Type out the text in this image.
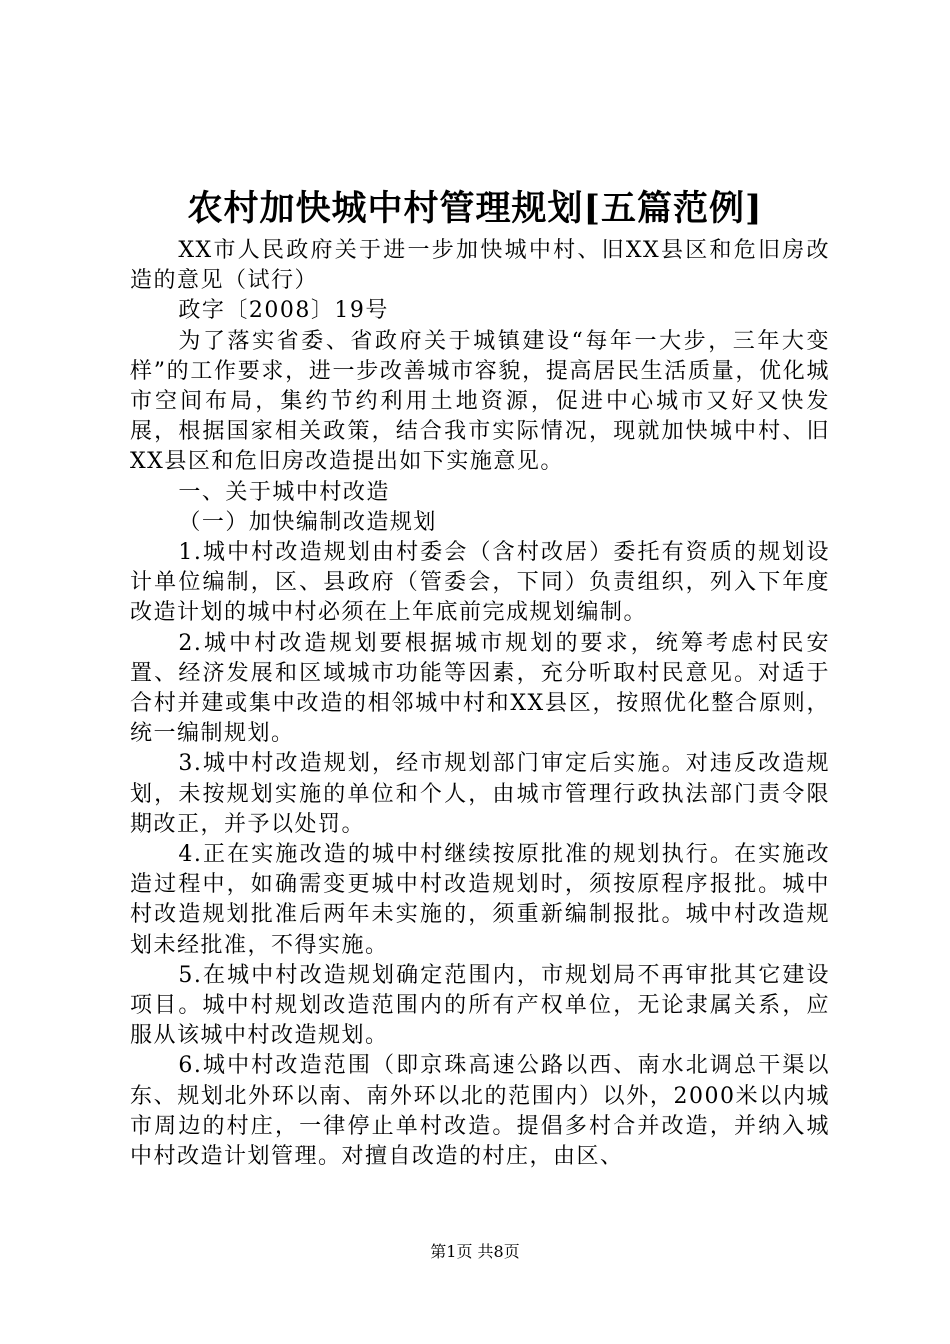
农村加快城中村管理规划[五篇范例]

XX市人民政府关于进一步加快城中村、旧XX县区和危旧房改造的意见（试行）

政字〔2008〕19号

为了落实省委、省政府关于城镇建设“每年一大步，三年大变样”的工作要求，进一步改善城市容貌，提高居民生活质量，优化城市空间布局，集约节约利用土地资源，促进中心城市又好又快发展，根据国家相关政策，结合我市实际情况，现就加快城中村、旧XX县区和危旧房改造提出如下实施意见。

一、关于城中村改造

（一）加快编制改造规划

1.城中村改造规划由村委会（含村改居）委托有资质的规划设计单位编制，区、县政府（管委会，下同）负责组织，列入下年度改造计划的城中村必须在上年底前完成规划编制。

2.城中村改造规划要根据城市规划的要求，统筹考虑村民安置、经济发展和区域城市功能等因素，充分听取村民意见。对适于合村并建或集中改造的相邻城中村和XX县区，按照优化整合原则，统一编制规划。

3.城中村改造规划，经市规划部门审定后实施。对违反改造规划，未按规划实施的单位和个人，由城市管理行政执法部门责令限期改正，并予以处罚。

4.正在实施改造的城中村继续按原批准的规划执行。在实施改造过程中，如确需变更城中村改造规划时，须按原程序报批。城中村改造规划批准后两年未实施的，须重新编制报批。城中村改造规划未经批准，不得实施。

5.在城中村改造规划确定范围内，市规划局不再审批其它建设项目。城中村规划改造范围内的所有产权单位，无论隶属关系，应服从该城中村改造规划。

6.城中村改造范围（即京珠高速公路以西、南水北调总干渠以东、规划北外环以南、南外环以北的范围内）以外，2000米以内城市周边的村庄，一律停止单村改造。提倡多村合并改造，并纳入城中村改造计划管理。对擅自改造的村庄，由区、

第1页 共8页
